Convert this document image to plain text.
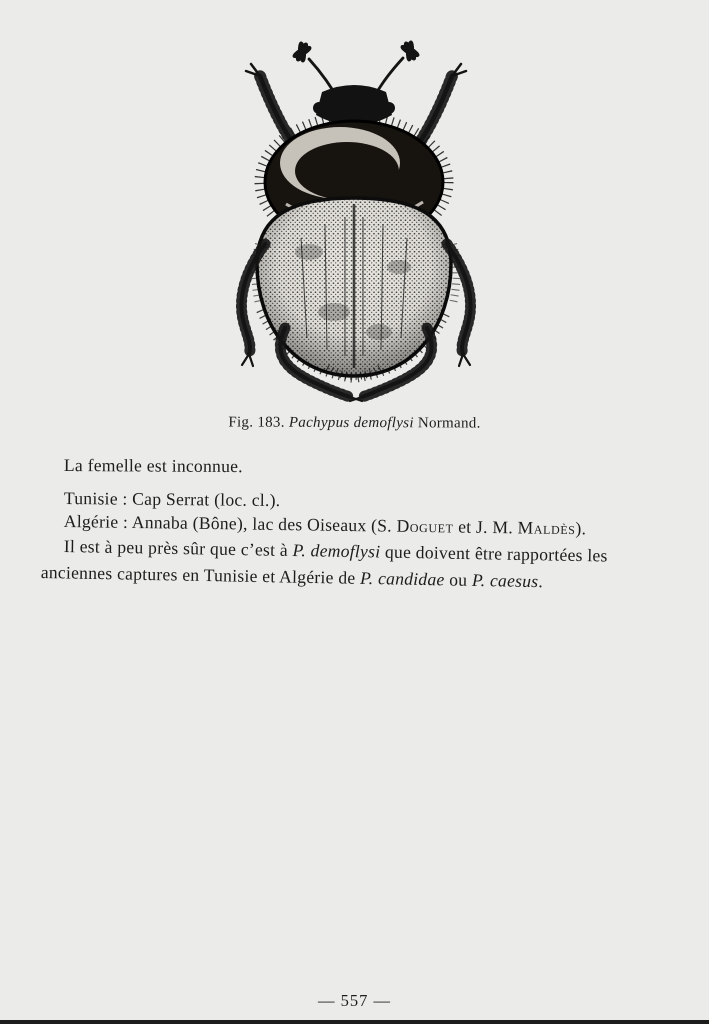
Fig. 183. Pachypus demoflysi Normand.
La femelle est inconnue.
Tunisie : Cap Serrat (loc. cl.).
Algérie : Annaba (Bône), lac des Oiseaux (S. Doguet et J. M. Maldès).
Il est à peu près sûr que c’est à P. demoflysi que doivent être rapportées les
anciennes captures en Tunisie et Algérie de P. candidae ou P. caesus.
— 557 —
